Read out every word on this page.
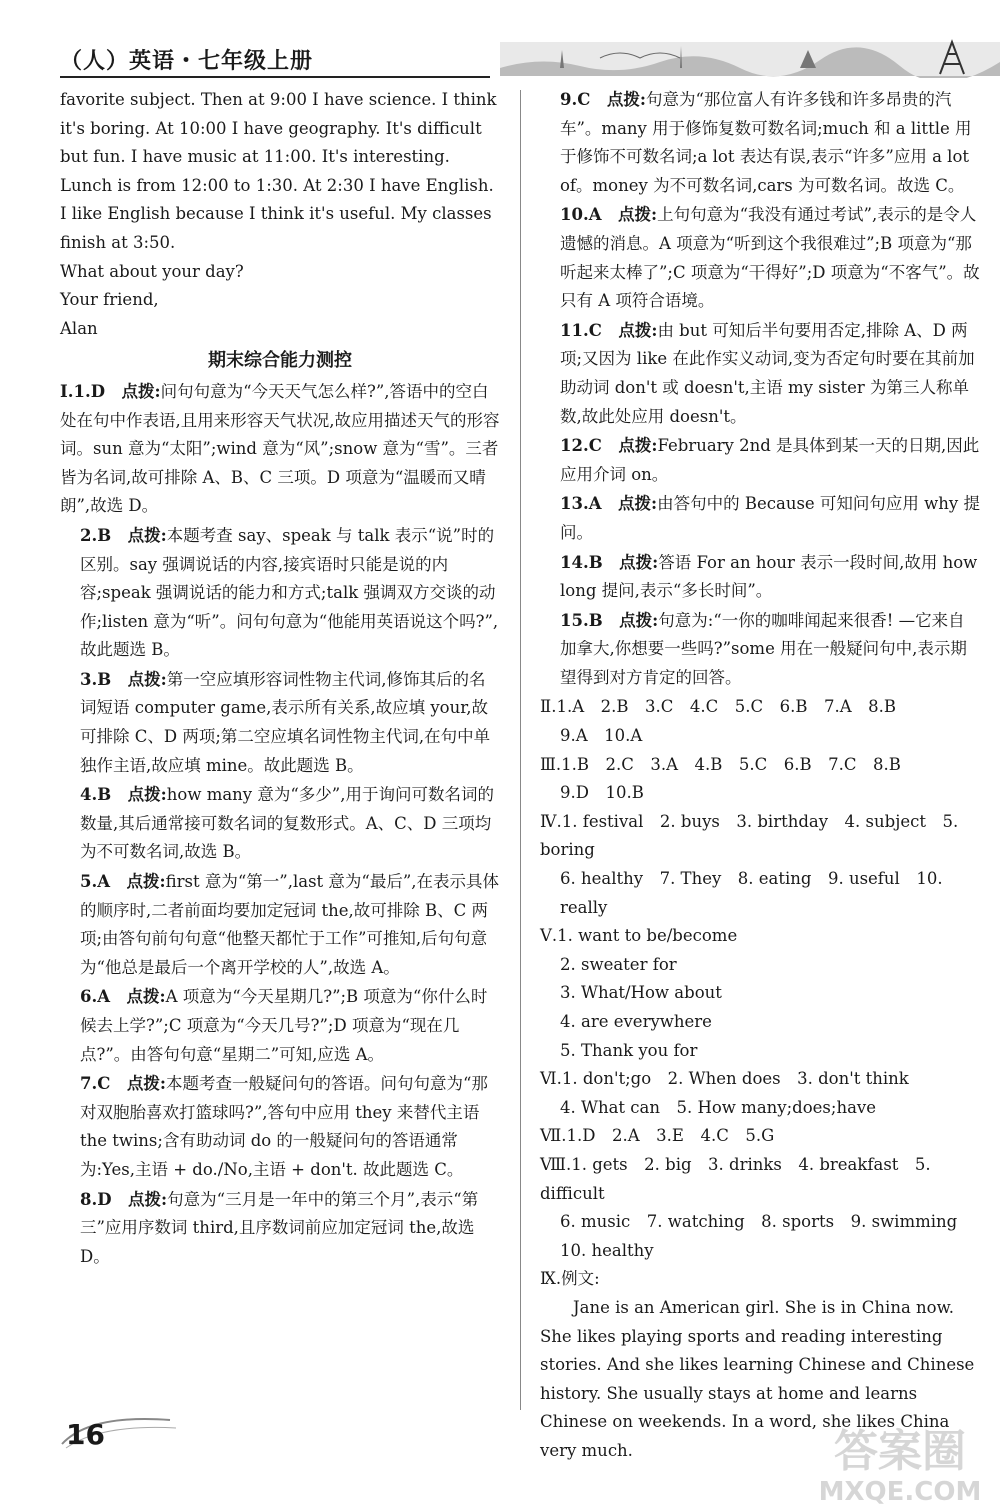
（人）英语・七年级上册

favorite subject. Then at 9:00 I have science. I think it's boring. At 10:00 I have geography. It's difficult but fun. I have music at 11:00. It's interesting. Lunch is from 12:00 to 1:30. At 2:30 I have English. I like English because I think it's useful. My classes finish at 3:50.

What about your day?

Your friend,

Alan

期末综合能力测控

Ⅰ.1.D　 点拨:问句句意为“今天天气怎么样?”,答语中的空白处在句中作表语,且用来形容天气状况,故应用描述天气的形容词。sun 意为“太阳”;wind 意为“风”;snow 意为“雪”。三者皆为名词,故可排除 A、B、C 三项。D 项意为“温暖而又晴朗”,故选 D。

2.B　 点拨:本题考查 say、speak 与 talk 表示“说”时的区别。say 强调说话的内容,接宾语时只能是说的内容;speak 强调说话的能力和方式;talk 强调双方交谈的动作;listen 意为“听”。问句句意为“他能用英语说这个吗?”,故此题选 B。

3.B　 点拨:第一空应填形容词性物主代词,修饰其后的名词短语 computer game,表示所有关系,故应填 your,故可排除 C、D 两项;第二空应填名词性物主代词,在句中单独作主语,故应填 mine。故此题选 B。

4.B　 点拨:how many 意为“多少”,用于询问可数名词的数量,其后通常接可数名词的复数形式。A、C、D 三项均为不可数名词,故选 B。

5.A　 点拨:first 意为“第一”,last 意为“最后”,在表示具体的顺序时,二者前面均要加定冠词 the,故可排除 B、C 两项;由答句前句句意“他整天都忙于工作”可推知,后句句意为“他总是最后一个离开学校的人”,故选 A。

6.A　 点拨:A 项意为“今天星期几?”;B 项意为“你什么时候去上学?”;C 项意为“今天几号?”;D 项意为“现在几点?”。由答句句意“星期二”可知,应选 A。

7.C　 点拨:本题考查一般疑问句的答语。问句句意为“那对双胞胎喜欢打篮球吗?”,答句中应用 they 来替代主语 the twins;含有助动词 do 的一般疑问句的答语通常为:Yes,主语 + do./No,主语 + don't. 故此题选 C。

8.D　 点拨:句意为“三月是一年中的第三个月”,表示“第三”应用序数词 third,且序数词前应加定冠词 the,故选 D。

9.C　 点拨:句意为“那位富人有许多钱和许多昂贵的汽车”。many 用于修饰复数可数名词;much 和 a little 用于修饰不可数名词;a lot 表达有误,表示“许多”应用 a lot of。money 为不可数名词,cars 为可数名词。故选 C。

10.A　 点拨:上句句意为“我没有通过考试”,表示的是令人遗憾的消息。A 项意为“听到这个我很难过”;B 项意为“那听起来太棒了”;C 项意为“干得好”;D 项意为“不客气”。故只有 A 项符合语境。

11.C　 点拨:由 but 可知后半句要用否定,排除 A、D 两项;又因为 like 在此作实义动词,变为否定句时要在其前加助动词 don't 或 doesn't,主语 my sister 为第三人称单数,故此处应用 doesn't。

12.C　 点拨:February 2nd 是具体到某一天的日期,因此应用介词 on。

13.A　 点拨:由答句中的 Because 可知问句应用 why 提问。

14.B　 点拨:答语 For an hour 表示一段时间,故用 how long 提问,表示“多长时间”。

15.B　 点拨:句意为:“一你的咖啡闻起来很香! —它来自加拿大,你想要一些吗?”some 用在一般疑问句中,表示期望得到对方肯定的回答。

Ⅱ.1.A　2.B　3.C　4.C　5.C　6.B　7.A　8.B

9.A　10.A

Ⅲ.1.B　2.C　3.A　4.B　5.C　6.B　7.C　8.B

9.D　10.B

Ⅳ.1. festival　2. buys　3. birthday　4. subject　5. boring

6. healthy　7. They　8. eating　9. useful　10. really

Ⅴ.1. want to be/become

2. sweater for

3. What/How about

4. are everywhere

5. Thank you for

Ⅵ.1. don't;go　2. When does　3. don't think

4. What can　5. How many;does;have

Ⅶ.1.D　2.A　3.E　4.C　5.G

Ⅷ.1. gets　2. big　3. drinks　4. breakfast　5. difficult

6. music　7. watching　8. sports　9. swimming

10. healthy

Ⅸ.例文:

Jane is an American girl. She is in China now. She likes playing sports and reading interesting stories. And she likes learning Chinese and Chinese history. She usually stays at home and learns Chinese on weekends. In a word, she likes China very much.

16	答案圈
MXQE.COM
